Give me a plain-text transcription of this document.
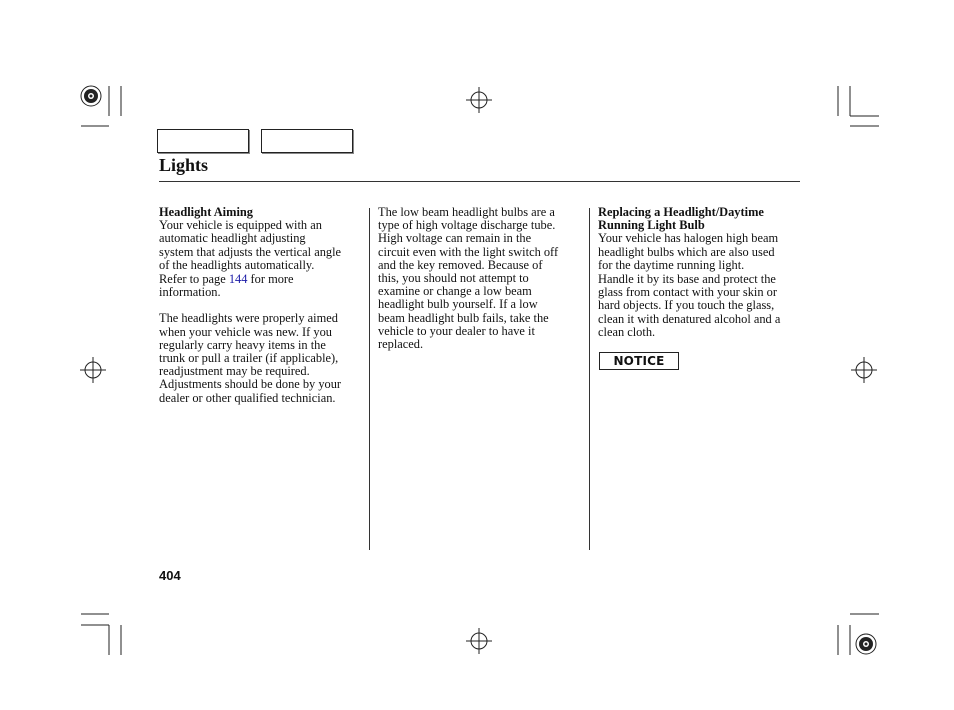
Lights

Headlight Aiming

Your vehicle is equipped with an

automatic headlight adjusting

system that adjusts the vertical angle

of the headlights automatically.

Refer to page 144 for more

information.

The headlights were properly aimed

when your vehicle was new. If you

regularly carry heavy items in the

trunk or pull a trailer (if applicable),

readjustment may be required.

Adjustments should be done by your

dealer or other qualified technician.

The low beam headlight bulbs are a

type of high voltage discharge tube.

High voltage can remain in the

circuit even with the light switch off

and the key removed. Because of

this, you should not attempt to

examine or change a low beam

headlight bulb yourself. If a low

beam headlight bulb fails, take the

vehicle to your dealer to have it

replaced.

Replacing a Headlight/Daytime

Running Light Bulb

Your vehicle has halogen high beam

headlight bulbs which are also used

for the daytime running light.

Handle it by its base and protect the

glass from contact with your skin or

hard objects. If you touch the glass,

clean it with denatured alcohol and a

clean cloth.

NOTICE
404
